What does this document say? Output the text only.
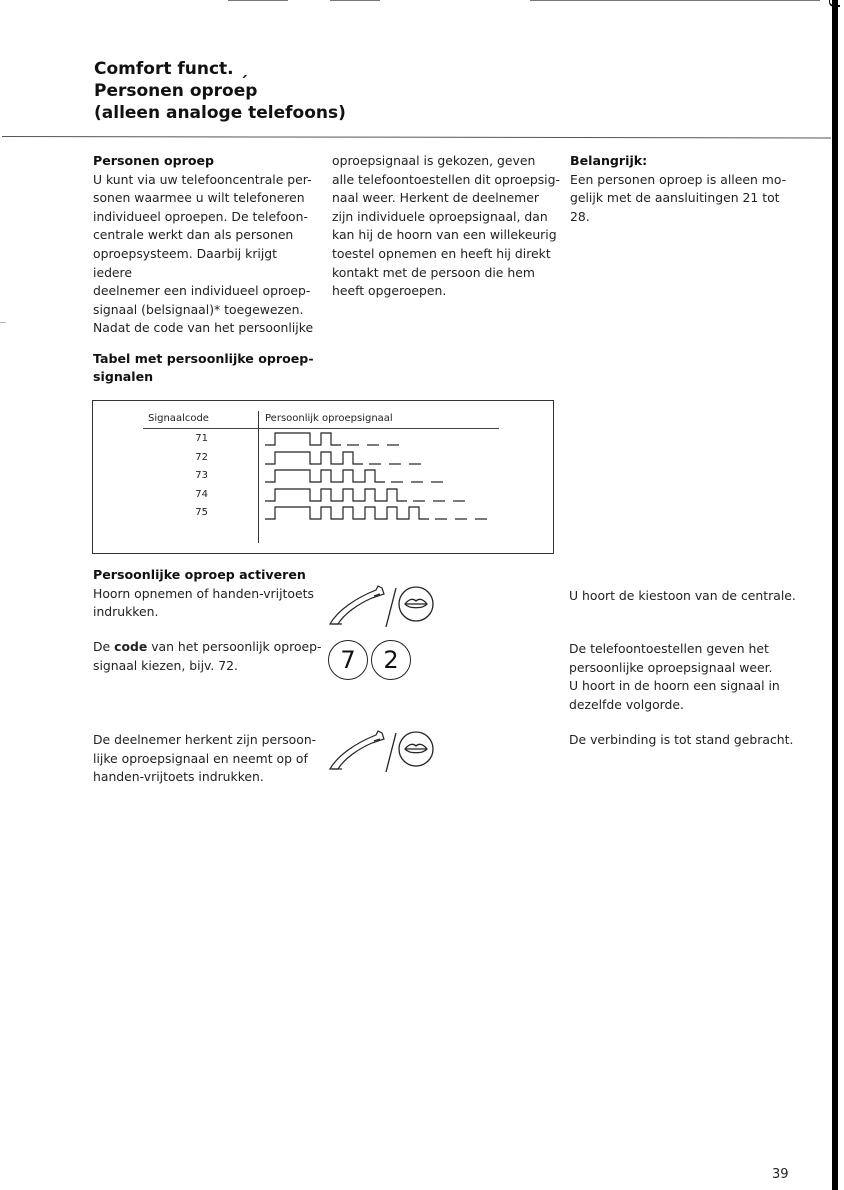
Comfort funct. ˏ
Personen oproep
(alleen analoge telefoons)
Personen oproep
U kunt via uw telefooncentrale per-
sonen waarmee u wilt telefoneren
individueel oproepen. De telefoon-
centrale werkt dan als personen
oproepsysteem. Daarbij krijgt iedere
deelnemer een individueel oproep-
signaal (belsignaal)* toegewezen.
Nadat de code van het persoonlijke
oproepsignaal is gekozen, geven
alle telefoontoestellen dit oproepsig-
naal weer. Herkent de deelnemer
zijn individuele oproepsignaal, dan
kan hij de hoorn van een willekeurig
toestel opnemen en heeft hij direkt
kontakt met de persoon die hem
heeft opgeroepen.
Belangrijk:
Een personen oproep is alleen mo-
gelijk met de aansluitingen 21 tot
28.
Tabel met persoonlijke oproep-
signalen
Signaalcode	Persoonlijk oproepsignaal
71
72
73
74
75
Persoonlijke oproep activeren
Hoorn opnemen of handen-vrijtoets
indrukken.
U hoort de kiestoon van de centrale.
De code van het persoonlijk oproep-
signaal kiezen, bijv. 72.	7 2	De telefoontoestellen geven het
persoonlijke oproepsignaal weer.
U hoort in de hoorn een signaal in
dezelfde volgorde.
De deelnemer herkent zijn persoon-
lijke oproepsignaal en neemt op of
handen-vrijtoets indrukken.
De verbinding is tot stand gebracht.
39
